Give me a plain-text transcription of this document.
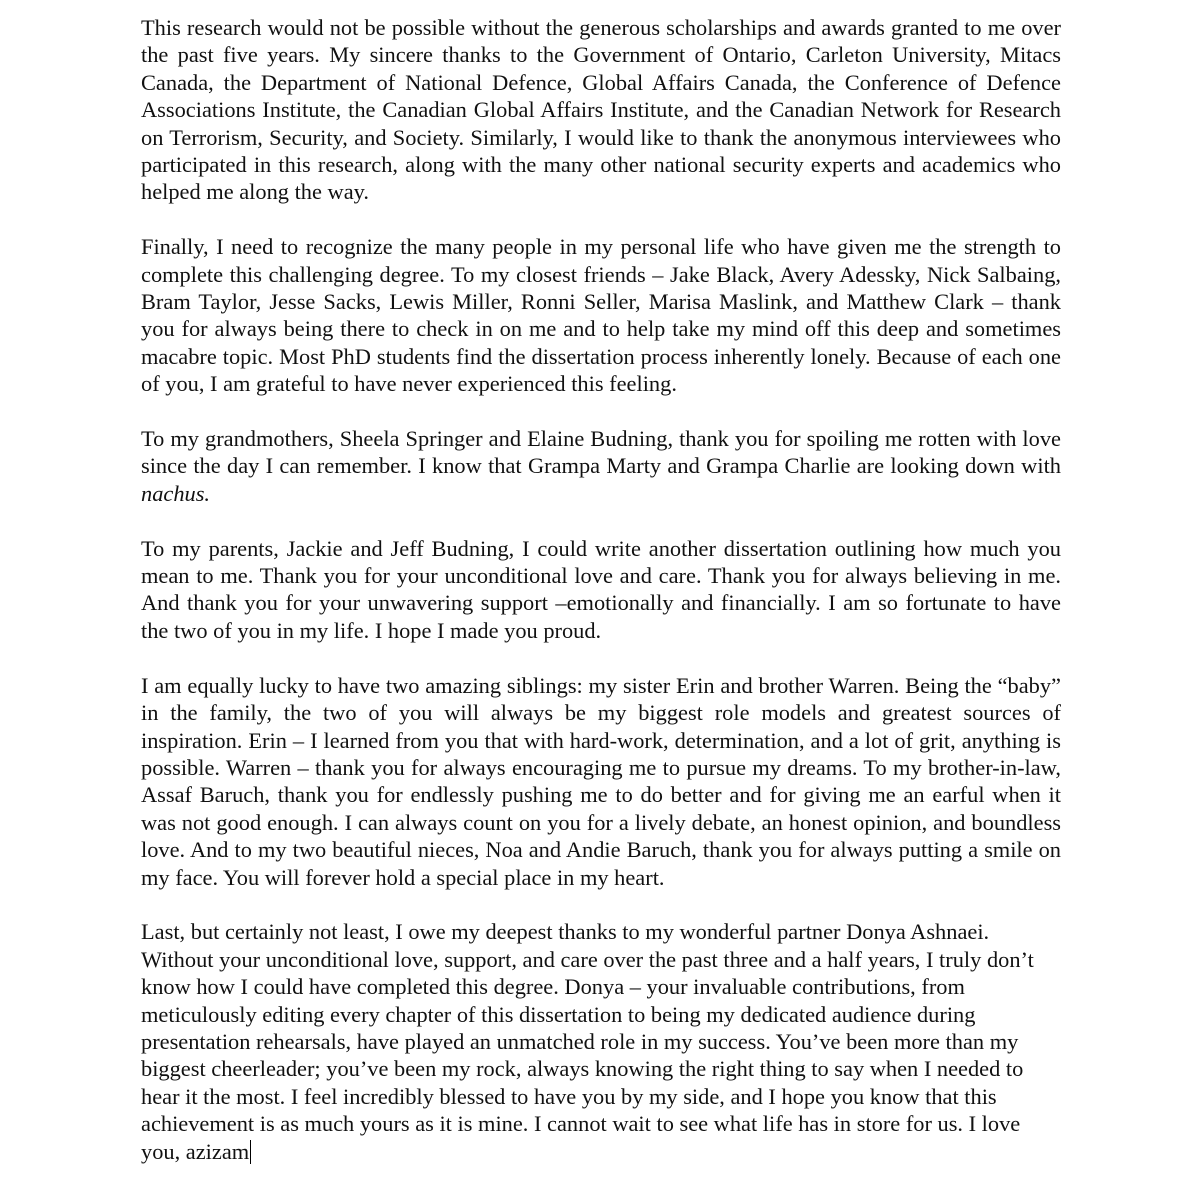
This research would not be possible without the generous scholarships and awards granted to me over the past five years. My sincere thanks to the Government of Ontario, Carleton University, Mitacs Canada, the Department of National Defence, Global Affairs Canada, the Conference of Defence Associations Institute, the Canadian Global Affairs Institute, and the Canadian Network for Research on Terrorism, Security, and Society. Similarly, I would like to thank the anonymous interviewees who participated in this research, along with the many other national security experts and academics who helped me along the way.

Finally, I need to recognize the many people in my personal life who have given me the strength to complete this challenging degree. To my closest friends – Jake Black, Avery Adessky, Nick Salbaing, Bram Taylor, Jesse Sacks, Lewis Miller, Ronni Seller, Marisa Maslink, and Matthew Clark – thank you for always being there to check in on me and to help take my mind off this deep and sometimes macabre topic. Most PhD students find the dissertation process inherently lonely. Because of each one of you, I am grateful to have never experienced this feeling.

To my grandmothers, Sheela Springer and Elaine Budning, thank you for spoiling me rotten with love since the day I can remember. I know that Grampa Marty and Grampa Charlie are looking down with nachus.

To my parents, Jackie and Jeff Budning, I could write another dissertation outlining how much you mean to me. Thank you for your unconditional love and care. Thank you for always believing in me. And thank you for your unwavering support –emotionally and financially. I am so fortunate to have the two of you in my life. I hope I made you proud.

I am equally lucky to have two amazing siblings: my sister Erin and brother Warren. Being the “baby” in the family, the two of you will always be my biggest role models and greatest sources of inspiration. Erin – I learned from you that with hard-work, determination, and a lot of grit, anything is possible. Warren – thank you for always encouraging me to pursue my dreams. To my brother-in-law, Assaf Baruch, thank you for endlessly pushing me to do better and for giving me an earful when it was not good enough. I can always count on you for a lively debate, an honest opinion, and boundless love. And to my two beautiful nieces, Noa and Andie Baruch, thank you for always putting a smile on my face. You will forever hold a special place in my heart.

Last, but certainly not least, I owe my deepest thanks to my wonderful partner Donya Ashnaei. Without your unconditional love, support, and care over the past three and a half years, I truly don’t know how I could have completed this degree. Donya – your invaluable contributions, from meticulously editing every chapter of this dissertation to being my dedicated audience during presentation rehearsals, have played an unmatched role in my success. You’ve been more than my biggest cheerleader; you’ve been my rock, always knowing the right thing to say when I needed to hear it the most. I feel incredibly blessed to have you by my side, and I hope you know that this achievement is as much yours as it is mine. I cannot wait to see what life has in store for us. I love you, azizam
